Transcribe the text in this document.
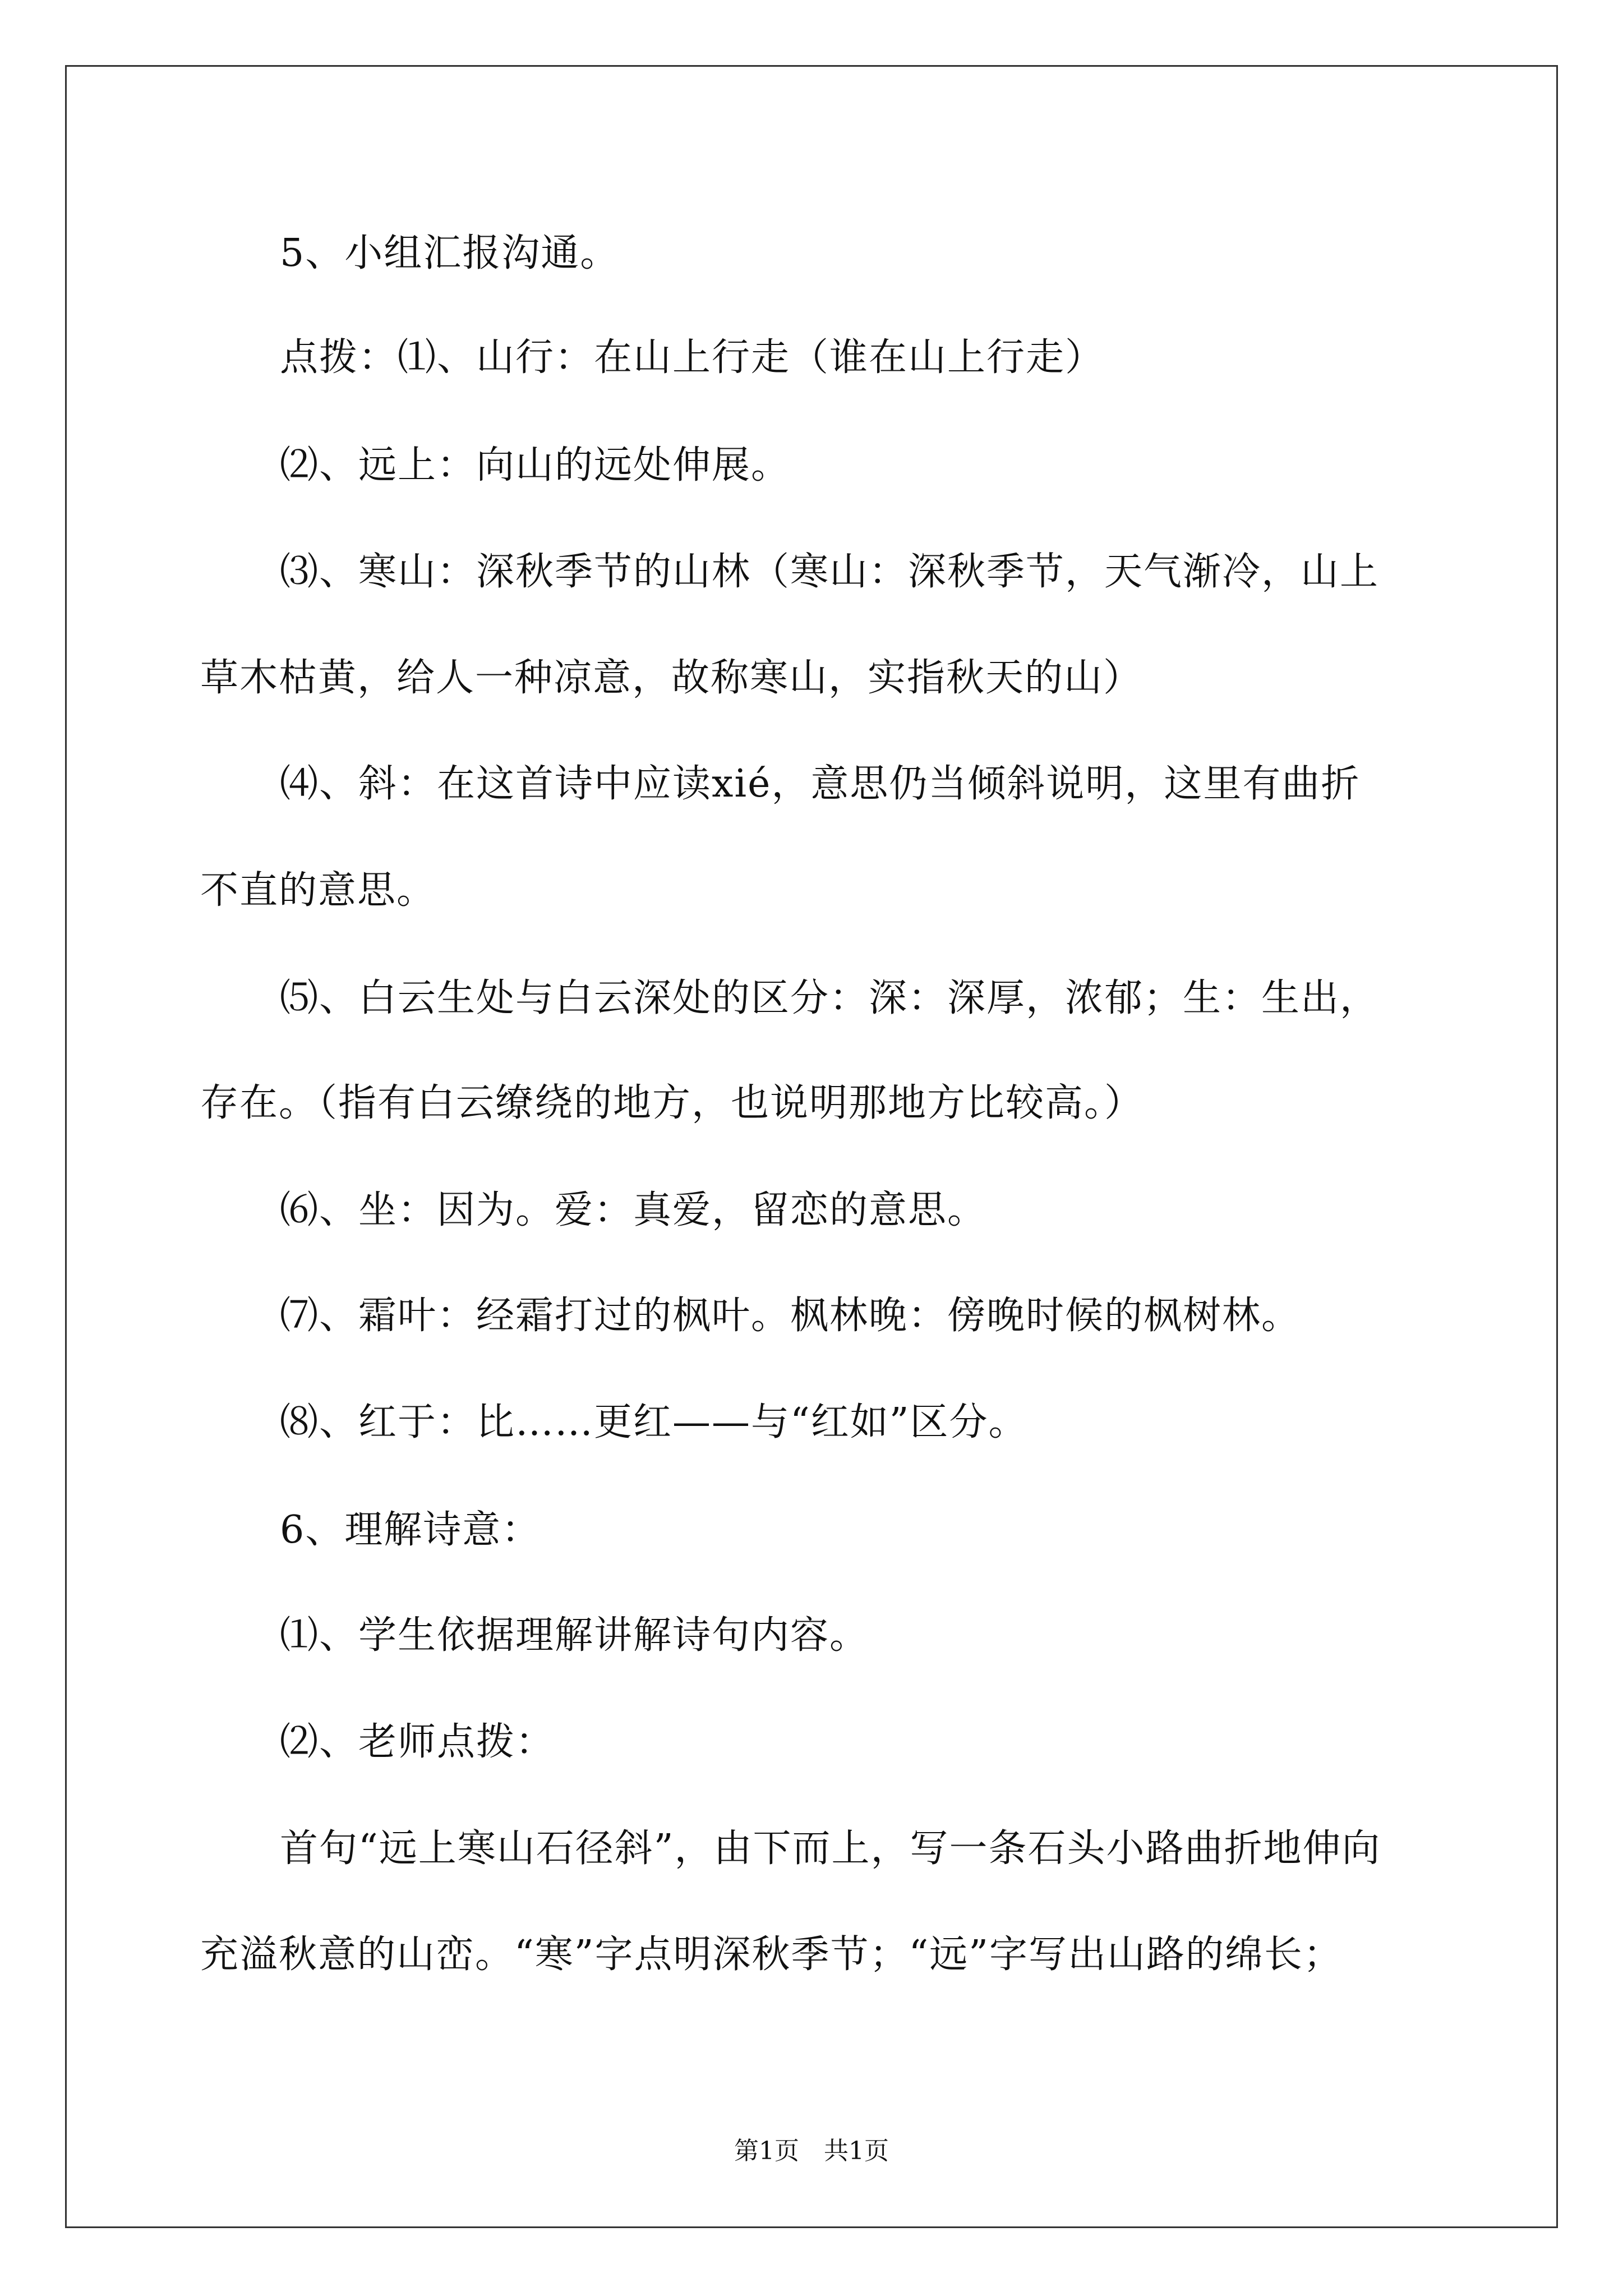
5、小组汇报沟通。
点拨：⑴、山行：在山上行走（谁在山上行走）
⑵、远上：向山的远处伸展。
⑶、寒山：深秋季节的山林（寒山：深秋季节，天气渐冷，山上
草木枯黄，给人一种凉意，故称寒山，实指秋天的山）
⑷、斜：在这首诗中应读xié，意思仍当倾斜说明，这里有曲折
不直的意思。
⑸、白云生处与白云深处的区分：深：深厚，浓郁；生：生出，
存在。（指有白云缭绕的地方，也说明那地方比较高。）
⑹、坐：因为。爱：真爱，留恋的意思。
⑺、霜叶：经霜打过的枫叶。枫林晚：傍晚时候的枫树林。
⑻、红于：比……更红——与“红如”区分。
6、理解诗意：
⑴、学生依据理解讲解诗句内容。
⑵、老师点拨：
首句“远上寒山石径斜”，由下而上，写一条石头小路曲折地伸向
充溢秋意的山峦。“寒”字点明深秋季节；“远”字写出山路的绵长；
第1页　共1页
